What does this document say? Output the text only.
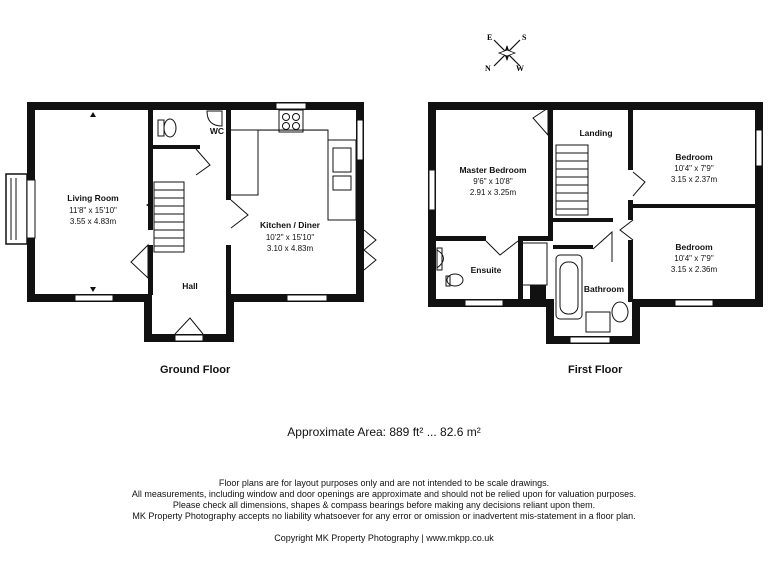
E	S
N	W
Living Room
11'8" x 15'10"
3.55 x 4.83m
WC
Hall
Kitchen / Diner
10'2" x 15'10"
3.10 x 4.83m
Master Bedroom
9'6" x 10'8"
2.91 x 3.25m
Landing
Bedroom
10'4" x 7'9"
3.15 x 2.37m
Bedroom
10'4" x 7'9"
3.15 x 2.36m
Ensuite
Bathroom
Ground Floor	First Floor
Approximate Area: 889 ft² ... 82.6 m²
Floor plans are for layout purposes only and are not intended to be scale drawings.
All measurements, including window and door openings are approximate and should not be relied upon for valuation purposes.
Please check all dimensions, shapes & compass bearings before making any decisions reliant upon them.
MK Property Photography accepts no liability whatsoever for any error or omission or inadvertent mis-statement in a floor plan.
Copyright MK Property Photography | www.mkpp.co.uk
